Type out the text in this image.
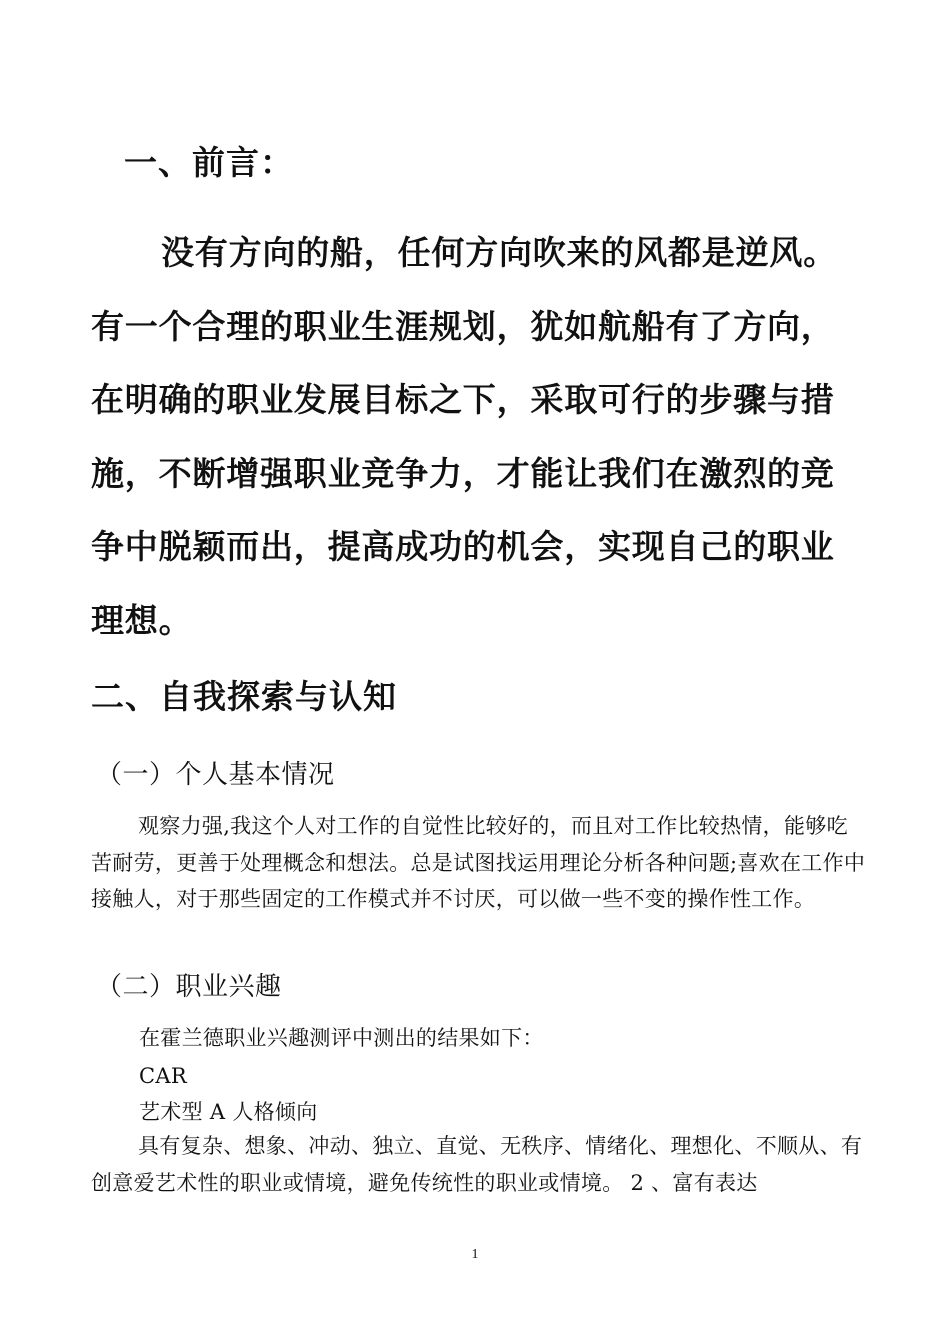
一、前言：
没有方向的船，任何方向吹来的风都是逆风。有一个合理的职业生涯规划，犹如航船有了方向，在明确的职业发展目标之下，采取可行的步骤与措施，不断增强职业竞争力，才能让我们在激烈的竞争中脱颖而出，提高成功的机会，实现自己的职业理想。
二、自我探索与认知
（一）个人基本情况
观察力强,我这个人对工作的自觉性比较好的，而且对工作比较热情，能够吃苦耐劳，更善于处理概念和想法。总是试图找运用理论分析各种问题;喜欢在工作中接触人，对于那些固定的工作模式并不讨厌，可以做一些不变的操作性工作。
（二）职业兴趣
在霍兰德职业兴趣测评中测出的结果如下：
CAR
艺术型 A 人格倾向
具有复杂、想象、冲动、独立、直觉、无秩序、情绪化、理想化、不顺从、有创意爱艺术性的职业或情境，避免传统性的职业或情境。 2 、富有表达
1
